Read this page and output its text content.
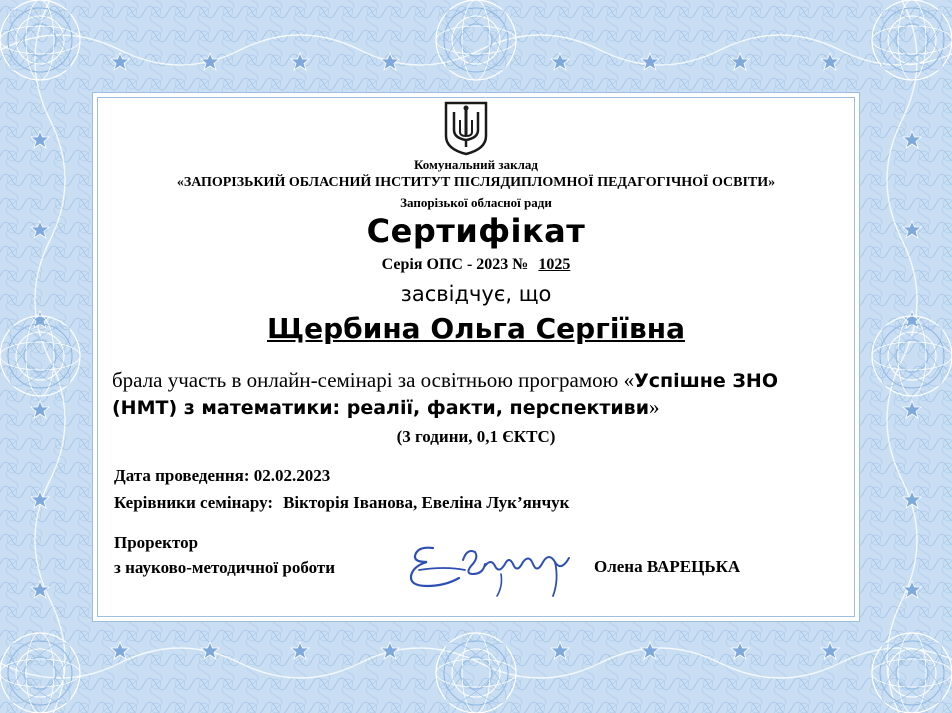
Комунальний заклад
«ЗАПОРІЗЬКИЙ ОБЛАСНИЙ ІНСТИТУТ ПІСЛЯДИПЛОМНОЇ ПЕДАГОГІЧНОЇ ОСВІТИ»
Запорізької обласної ради
Сертифікат
Серія ОПС - 2023 № 1025
засвідчує, що
Щербина Ольга Сергіївна
брала участь в онлайн-семінарі за освітньою програмою «Успішне ЗНО (НМТ) з математики: реалії, факти, перспективи»
(3 години, 0,1 ЄКТС)
Дата проведення: 02.02.2023
Керівники семінару: Вікторія Іванова, Евеліна Лук’янчук
Проректор
з науково-методичної роботи	Олена ВАРЕЦЬКА
